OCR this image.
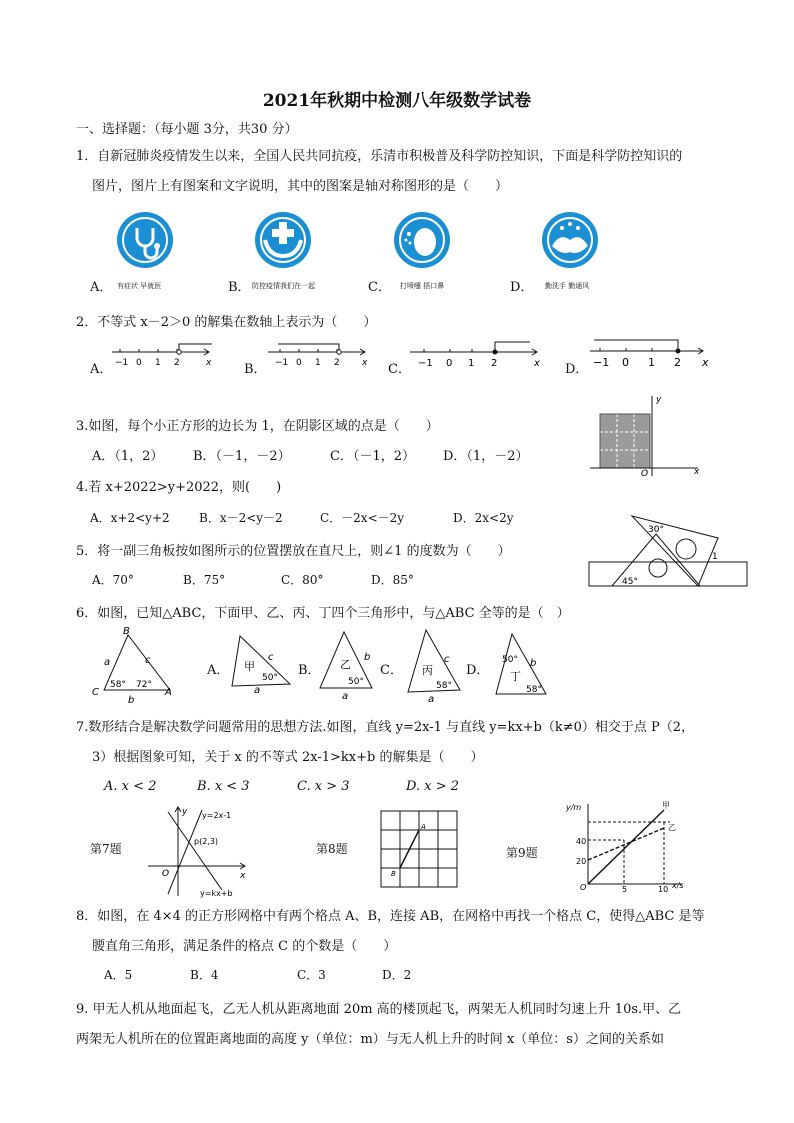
2021年秋期中检测八年级数学试卷
一、选择题：（每小题 3分，共30 分）
1．自新冠肺炎疫情发生以来，全国人民共同抗疫，乐清市积极普及科学防控知识，下面是科学防控知识的
图片，图片上有图案和文字说明，其中的图案是轴对称图形的是（　　）
A． 有症状 早就医	B． 防控疫情我们在一起	C． 打喷嚏 捂口鼻	D． 勤洗手 勤通风
2．不等式 x－2＞0 的解集在数轴上表示为（　　）
A． −1 0 1 2	x	B． −1 0 1 2 x C． −1 0 1 2	x D． −1 0 1 2 x
3.如图，每个小正方形的边长为 1，在阴影区域的点是（　　）
A．（1，2） B．（－1，－2）	C．（－1，2） D．（1，－2）
y
x
O
4.若 x+2022>y+2022，则(　　)
A．x+2<y+2 B．x－2<y－2	C．－2x<－2y	D．2x<2y
5．将一副三角板按如图所示的位置摆放在直尺上，则∠1 的度数为（　　）
A．70°	B．75°	C．80°	D．85°
30°
45°
1
6．如图，已知△ABC，下面甲、乙、丙、丁四个三角形中，与△ABC 全等的是（　）
B
C	A
a	c
b
58° 72°
A． 甲
c
a
50° B． 乙
b
a
50°
C． 丙
c
a
58°
D． 丁
b
50°
58°
7.数形结合是解决数学问题常用的思想方法.如图，直线 y=2x-1 与直线 y=kx+b（k≠0）相交于点 P（2，
3）根据图象可知，关于 x 的不等式 2x-1>kx+b 的解集是（　　）
A. x < 2	B. x < 3	C. x > 3	D. x > 2
第7题
y=2x-1
p(2,3)
y=kx+b
O	x
y
第8题
A
B
第9题
y/m
x/s
甲
乙
40
20
5	10
O
8．如图，在 4×4 的正方形网格中有两个格点 A、B，连接 AB，在网格中再找一个格点 C，使得△ABC 是等
腰直角三角形，满足条件的格点 C 的个数是（　　）
A．5	B．4	C．3	D．2
9. 甲无人机从地面起飞，乙无人机从距离地面 20m 高的楼顶起飞，两架无人机同时匀速上升 10s.甲、乙
两架无人机所在的位置距离地面的高度 y（单位：m）与无人机上升的时间 x（单位：s）之间的关系如
